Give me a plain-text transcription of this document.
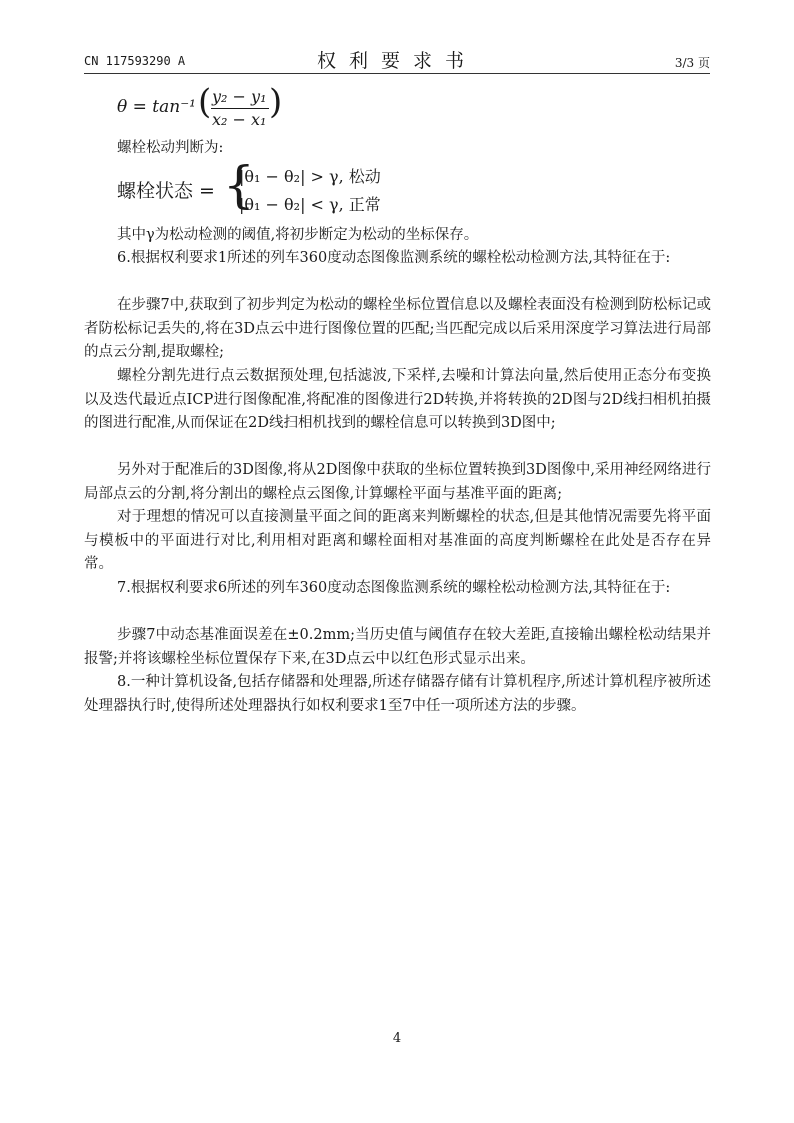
CN 117593290 A	权利要求书	3/3 页
θ = tan⁻¹ ( y₂ − y₁
x₂ − x₁ )
螺栓松动判断为:
螺栓状态 = {
|θ₁ − θ₂| > γ, 松动
|θ₁ − θ₂| < γ, 正常
其中γ为松动检测的阈值,将初步断定为松动的坐标保存。
6.根据权利要求1所述的列车360度动态图像监测系统的螺栓松动检测方法,其特征在于:
在步骤7中,获取到了初步判定为松动的螺栓坐标位置信息以及螺栓表面没有检测到防松标记或者防松标记丢失的,将在3D点云中进行图像位置的匹配;当匹配完成以后采用深度学习算法进行局部的点云分割,提取螺栓;
螺栓分割先进行点云数据预处理,包括滤波,下采样,去噪和计算法向量,然后使用正态分布变换以及迭代最近点ICP进行图像配准,将配准的图像进行2D转换,并将转换的2D图与2D线扫相机拍摄的图进行配准,从而保证在2D线扫相机找到的螺栓信息可以转换到3D图中;
另外对于配准后的3D图像,将从2D图像中获取的坐标位置转换到3D图像中,采用神经网络进行局部点云的分割,将分割出的螺栓点云图像,计算螺栓平面与基准平面的距离;
对于理想的情况可以直接测量平面之间的距离来判断螺栓的状态,但是其他情况需要先将平面与模板中的平面进行对比,利用相对距离和螺栓面相对基准面的高度判断螺栓在此处是否存在异常。
7.根据权利要求6所述的列车360度动态图像监测系统的螺栓松动检测方法,其特征在于:
步骤7中动态基准面误差在±0.2mm;当历史值与阈值存在较大差距,直接输出螺栓松动结果并报警;并将该螺栓坐标位置保存下来,在3D点云中以红色形式显示出来。
8.一种计算机设备,包括存储器和处理器,所述存储器存储有计算机程序,所述计算机程序被所述处理器执行时,使得所述处理器执行如权利要求1至7中任一项所述方法的步骤。
4
